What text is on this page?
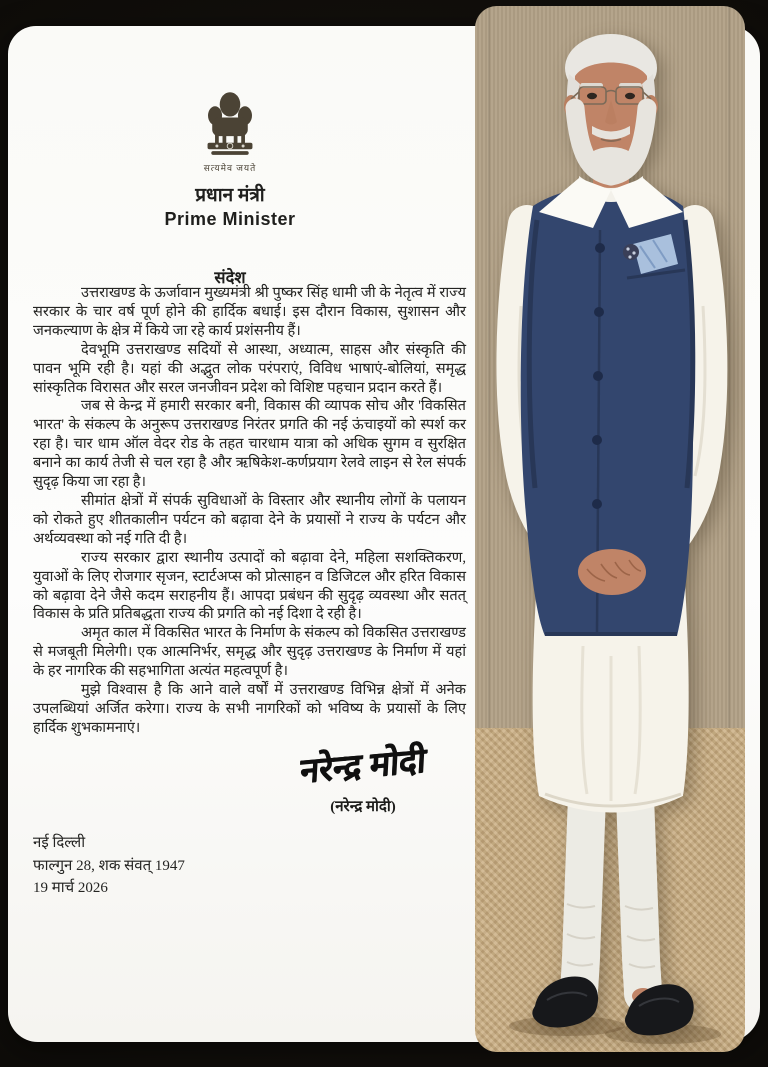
सत्यमेव जयते
प्रधान मंत्री
Prime Minister
संदेश

उत्तराखण्ड के ऊर्जावान मुख्यमंत्री श्री पुष्कर सिंह धामी जी के नेतृत्व में राज्य सरकार के चार वर्ष पूर्ण होने की हार्दिक बधाई। इस दौरान विकास, सुशासन और जनकल्याण के क्षेत्र में किये जा रहे कार्य प्रशंसनीय हैं।

देवभूमि उत्तराखण्ड सदियों से आस्था, अध्यात्म, साहस और संस्कृति की पावन भूमि रही है। यहां की अद्भुत लोक परंपराएं, विविध भाषाएं-बोलियां, समृद्ध सांस्कृतिक विरासत और सरल जनजीवन प्रदेश को विशिष्ट पहचान प्रदान करते हैं।

जब से केन्द्र में हमारी सरकार बनी, विकास की व्यापक सोच और 'विकसित भारत' के संकल्प के अनुरूप उत्तराखण्ड निरंतर प्रगति की नई ऊंचाइयों को स्पर्श कर रहा है। चार धाम ऑल वेदर रोड के तहत चारधाम यात्रा को अधिक सुगम व सुरक्षित बनाने का कार्य तेजी से चल रहा है और ऋषिकेश-कर्णप्रयाग रेलवे लाइन से रेल संपर्क सुदृढ़ किया जा रहा है।

सीमांत क्षेत्रों में संपर्क सुविधाओं के विस्तार और स्थानीय लोगों के पलायन को रोकते हुए शीतकालीन पर्यटन को बढ़ावा देने के प्रयासों ने राज्य के पर्यटन और अर्थव्यवस्था को नई गति दी है।

राज्य सरकार द्वारा स्थानीय उत्पादों को बढ़ावा देने, महिला सशक्तिकरण, युवाओं के लिए रोजगार सृजन, स्टार्टअप्स को प्रोत्साहन व डिजिटल और हरित विकास को बढ़ावा देने जैसे कदम सराहनीय हैं। आपदा प्रबंधन की सुदृढ़ व्यवस्था और सतत् विकास के प्रति प्रतिबद्धता राज्य की प्रगति को नई दिशा दे रही है।

अमृत काल में विकसित भारत के निर्माण के संकल्प को विकसित उत्तराखण्ड से मजबूती मिलेगी। एक आत्मनिर्भर, समृद्ध और सुदृढ़ उत्तराखण्ड के निर्माण में यहां के हर नागरिक की सहभागिता अत्यंत महत्वपूर्ण है।

मुझे विश्वास है कि आने वाले वर्षों में उत्तराखण्ड विभिन्न क्षेत्रों में अनेक उपलब्धियां अर्जित करेगा। राज्य के सभी नागरिकों को भविष्य के प्रयासों के लिए हार्दिक शुभकामनाएं।

नरेन्द्र मोदी
(नरेन्द्र मोदी)
नई दिल्ली
फाल्गुन 28, शक संवत् 1947
19 मार्च 2026
